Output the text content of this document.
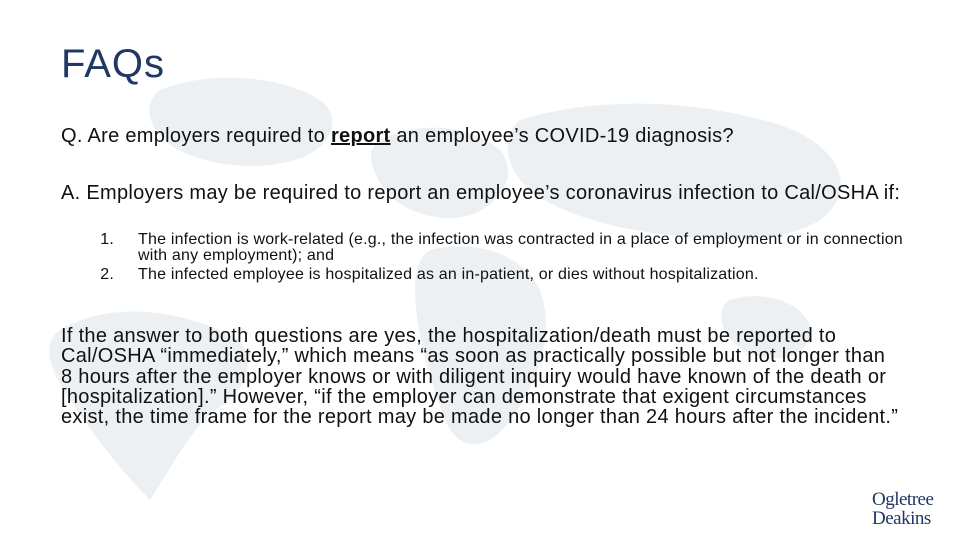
FAQs
Q. Are employers required to report an employee’s COVID-19 diagnosis?
A. Employers may be required to report an employee’s coronavirus infection to Cal/OSHA if:
1. The infection is work-related (e.g., the infection was contracted in a place of employment or in connection with any employment); and
2. The infected employee is hospitalized as an in-patient, or dies without hospitalization.
If the answer to both questions are yes, the hospitalization/death must be reported to Cal/OSHA “immediately,” which means “as soon as practically possible but not longer than 8 hours after the employer knows or with diligent inquiry would have known of the death or [hospitalization].” However, “if the employer can demonstrate that exigent circumstances exist, the time frame for the report may be made no longer than 24 hours after the incident.”
Ogletree
Deakins
